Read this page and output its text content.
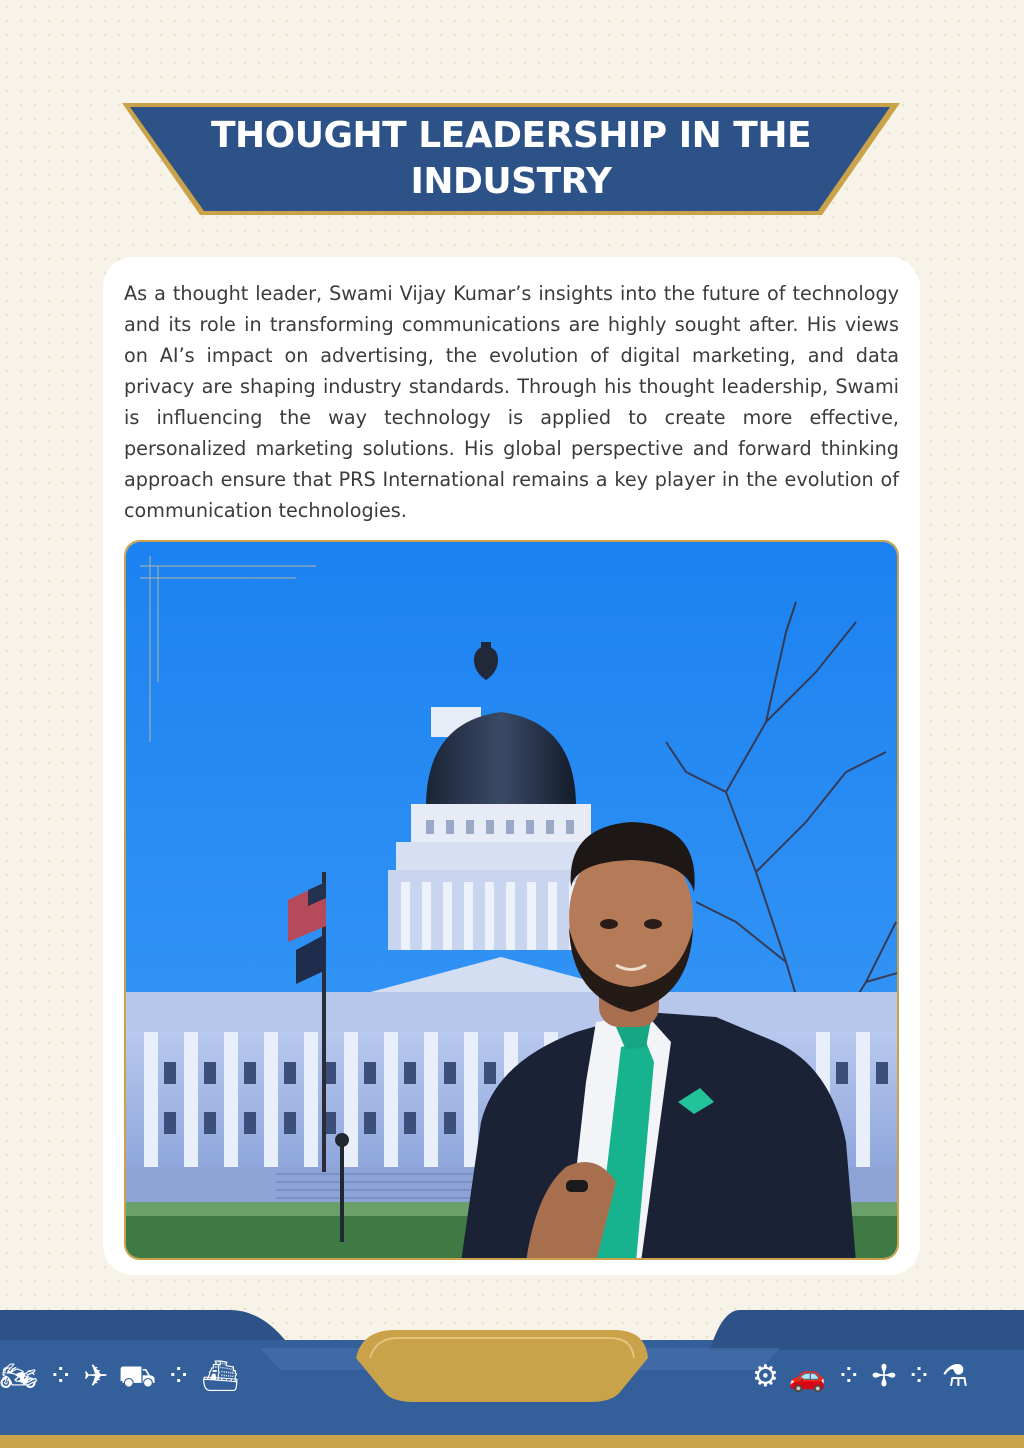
THOUGHT LEADERSHIP IN THE INDUSTRY

As a thought leader, Swami Vijay Kumar’s insights into the future of technology and its role in transforming communications are highly sought after. His views on AI’s impact on advertising, the evolution of digital marketing, and data privacy are shaping industry standards. Through his thought leadership, Swami is influencing the way technology is applied to create more effective, personalized marketing solutions. His global perspective and forward thinking approach ensure that PRS International remains a key player in the evolution of communication technologies.

🏍 ⁘ ✈ ⛟ ⁘ ⛴	⚙ 🚗 ⁘ ✢ ⁘ ⚗
